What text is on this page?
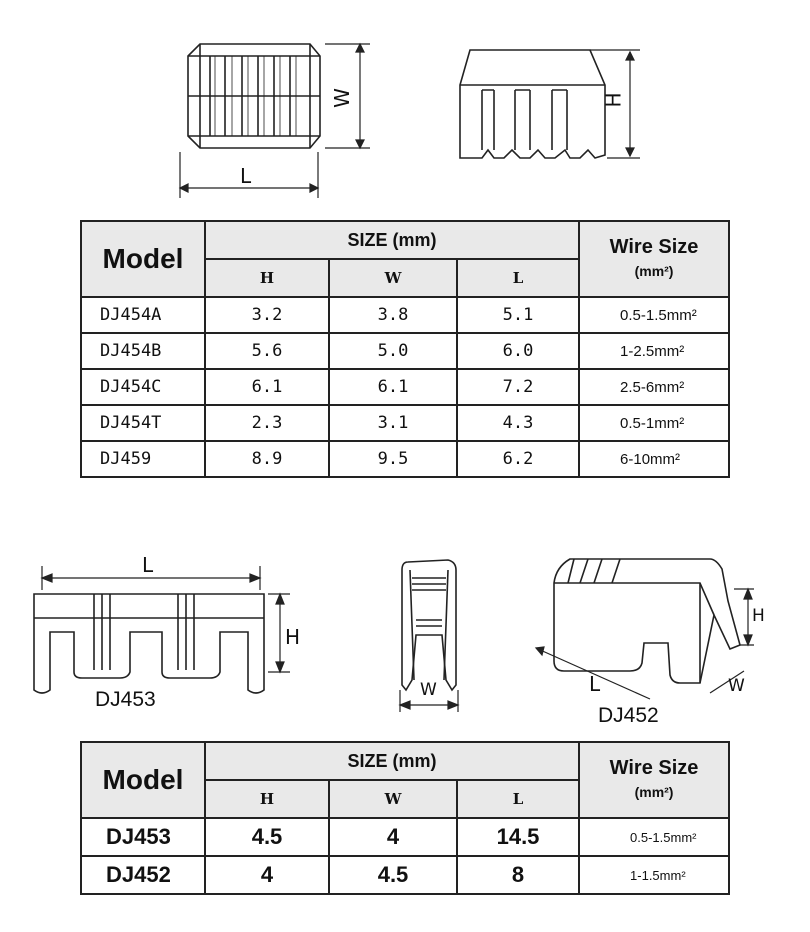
W
L
H
Model	SIZE (mm)			Wire Size
(mm²)

	H	W	L	
DJ454A	3.2	3.8	5.1	0.5-1.5mm²
DJ454B	5.6	5.0	6.0	1-2.5mm²
DJ454C	6.1	6.1	7.2	2.5-6mm²
DJ454T	2.3	3.1	4.3	0.5-1mm²
DJ459	8.9	9.5	6.2	6-10mm²
L
H
DJ453	W
H
L	W
DJ452
Model	SIZE (mm)			Wire Size
(mm²)

	H	W	L	
DJ453	4.5	4	14.5	0.5-1.5mm²
DJ452	4	4.5	8	1-1.5mm²
